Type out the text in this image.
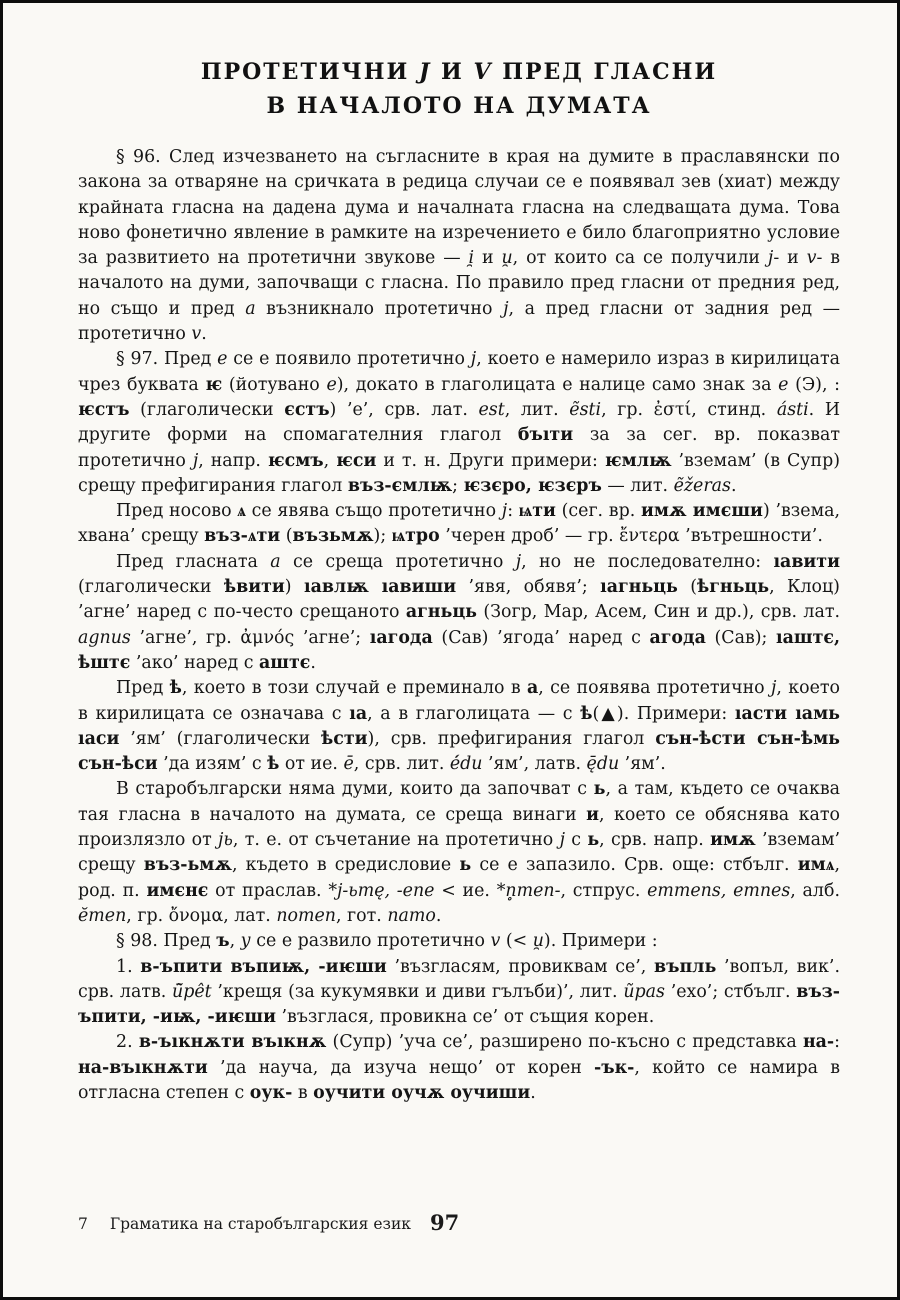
ПРОТЕТИЧНИ J И V ПРЕД ГЛАСНИ
В НАЧАЛОТО НА ДУМАТА

§ 96. След изчезването на съгласните в края на думите в праславянски по закона за отваряне на сричката в редица случаи се е появявал зев (хиат) между крайната гласна на дадена дума и началната гласна на следващата дума. Това ново фонетично явление в рамките на изречението е било благоприятно условие за развитието на протетични звукове — i̯ и u̯, от които са се получили j- и v- в началото на думи, започващи с гласна. По правило пред гласни от предния ред, но също и пред а възникнало протетично j, а пред гласни от задния ред — протетично v.

§ 97. Пред е се е появило протетично j, което е намерило израз в кирилицата чрез буквата ѥ (йотувано е), докато в глаголицата е налице само знак за е (Э), : ѥстъ (глаголически єстъ) ’е’, срв. лат. est, лит. ẽsti, гр. ἐστί, стинд. ásti. И другите форми на спомагателния глагол бъıти за за сег. вр. показват протетично j, напр. ѥсмъ, ѥси и т. н. Други примери: ѥмлѭ ’вземам’ (в Супр) срещу префигирания глагол въз-ємлѭ; ѥзєро, ѥзєръ — лит. ẽžeras.

Пред носово ѧ се явява също протетично j: ѩти (сег. вр. имѫ имєши) ’взема, хвана’ срещу въз-ѧти (възьмѫ); ѩтро ’черен дроб’ — гр. ἔντερα ’вътрешности’.

Пред гласната а се среща протетично j, но не последователно: ıавити (глаголически ѣвити) ıавлѭ ıавиши ’явя, обявя’; ıагньць (ѣгньць, Клоц) ’агне’ наред с по-често срещаното агньць (Зогр, Мар, Асем, Син и др.), срв. лат. agnus ’агне’, гр. ἀμνός ’агне’; ıагода (Сав) ’ягода’ наред с агода (Сав); ıаштє, ѣштє ’ако’ наред с аштє.

Пред ѣ, което в този случай е преминало в а, се появява протетично j, което в кирилицата се означава с ıа, а в глаголицата — с ѣ(▲). Примери: ıасти ıамь ıаси ’ям’ (глаголически ѣсти), срв. префигирания глагол сън-ѣсти сън-ѣмь сън-ѣси ’да изям’ с ѣ от ие. ē, срв. лит. ė́du ’ям’, латв. ę̄du ’ям’.

В старобългарски няма думи, които да започват с ь, а там, където се очаква тая гласна в началото на думата, се среща винаги и, което се обяснява като произлязло от jь, т. е. от съчетание на протетично j с ь, срв. напр. имѫ ’вземам’ срещу въз-ьмѫ, където в средисловие ь се е запазило. Срв. още: стбълг. имѧ, род. п. имєнє от праслав. *j-ьmę, -ene < ие. *n̥men-, стпрус. emmens, emnes, алб. ĕmen, гр. ὄνομα, лат. nomen, гот. namo.

§ 98. Пред ъ, у се е развило протетично v (< u̯). Примери :

1. в-ъпити въпиѭ, -иѥши ’възгласям, провиквам се’, въпль ’вопъл, вик’. срв. латв. ū̃pêt ’крещя (за кукумявки и диви гълъби)’, лит. ũpas ’ехо’; стбълг. въз-ъпити, -иѭ, -иѥши ’възглася, провикна се’ от същия корен.

2. в-ъıкнѫти въıкнѫ (Супр) ’уча се’, разширено по-късно с представка на-: на-въıкнѫти ’да науча, да изуча нещо’ от корен -ък-, който се намира в отгласна степен с оук- в оучити оучѫ оучиши.

7 Граматика на старобългарския език 97
